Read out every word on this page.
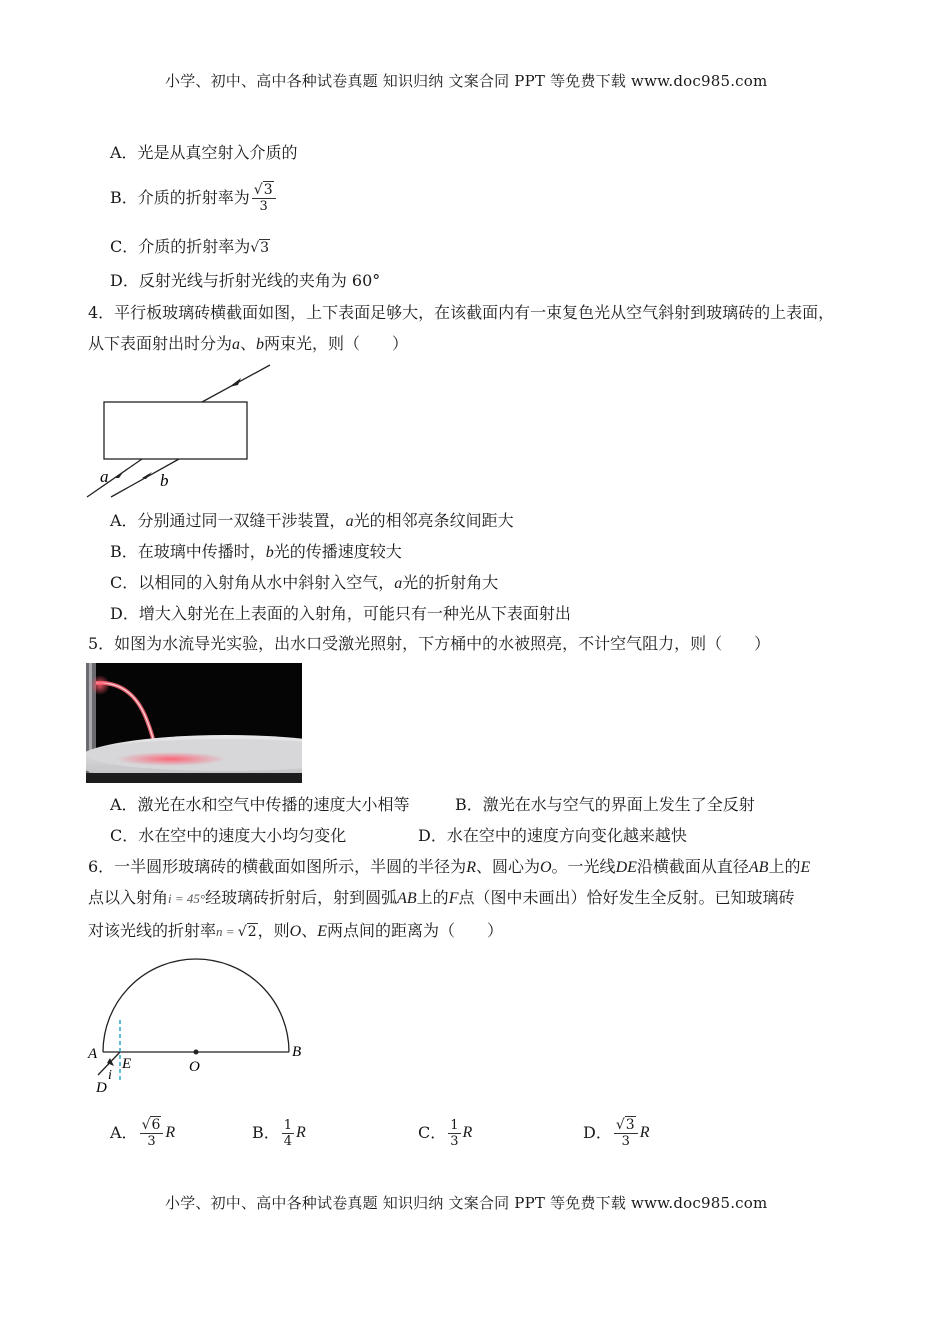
小学、初中、高中各种试卷真题 知识归纳 文案合同 PPT 等免费下载 www.doc985.com
A．光是从真空射入介质的
B．介质的折射率为 $\frac{√3}{3}$
C．介质的折射率为√3
D．反射光线与折射光线的夹角为 60°
4．平行板玻璃砖横截面如图，上下表面足够大，在该截面内有一束复色光从空气斜射到玻璃砖的上表面，
从下表面射出时分为a、b两束光，则（　　）
a	b
A．分别通过同一双缝干涉装置，a光的相邻亮条纹间距大
B．在玻璃中传播时，b光的传播速度较大
C．以相同的入射角从水中斜射入空气，a光的折射角大
D．增大入射光在上表面的入射角，可能只有一种光从下表面射出
5．如图为水流导光实验，出水口受激光照射，下方桶中的水被照亮，不计空气阻力，则（　　）
A．激光在水和空气中传播的速度大小相等	B．激光在水与空气的界面上发生了全反射
C．水在空中的速度大小均匀变化	D．水在空中的速度方向变化越来越快
6．一半圆形玻璃砖的横截面如图所示，半圆的半径为R、圆心为O。一光线DE沿横截面从直径AB上的E
点以入射角i = 45°经玻璃砖折射后，射到圆弧AB上的F点（图中未画出）恰好发生全反射。已知玻璃砖
对该光线的折射率n = √2，则O、E两点间的距离为（　　）
A
E	O
B
i
D
A． $\frac{√6}{3}$ R	B． $\frac{1}{4}$ R	C． $\frac{1}{3}$ R	D． $\frac{√3}{3}$ R
小学、初中、高中各种试卷真题 知识归纳 文案合同 PPT 等免费下载 www.doc985.com
